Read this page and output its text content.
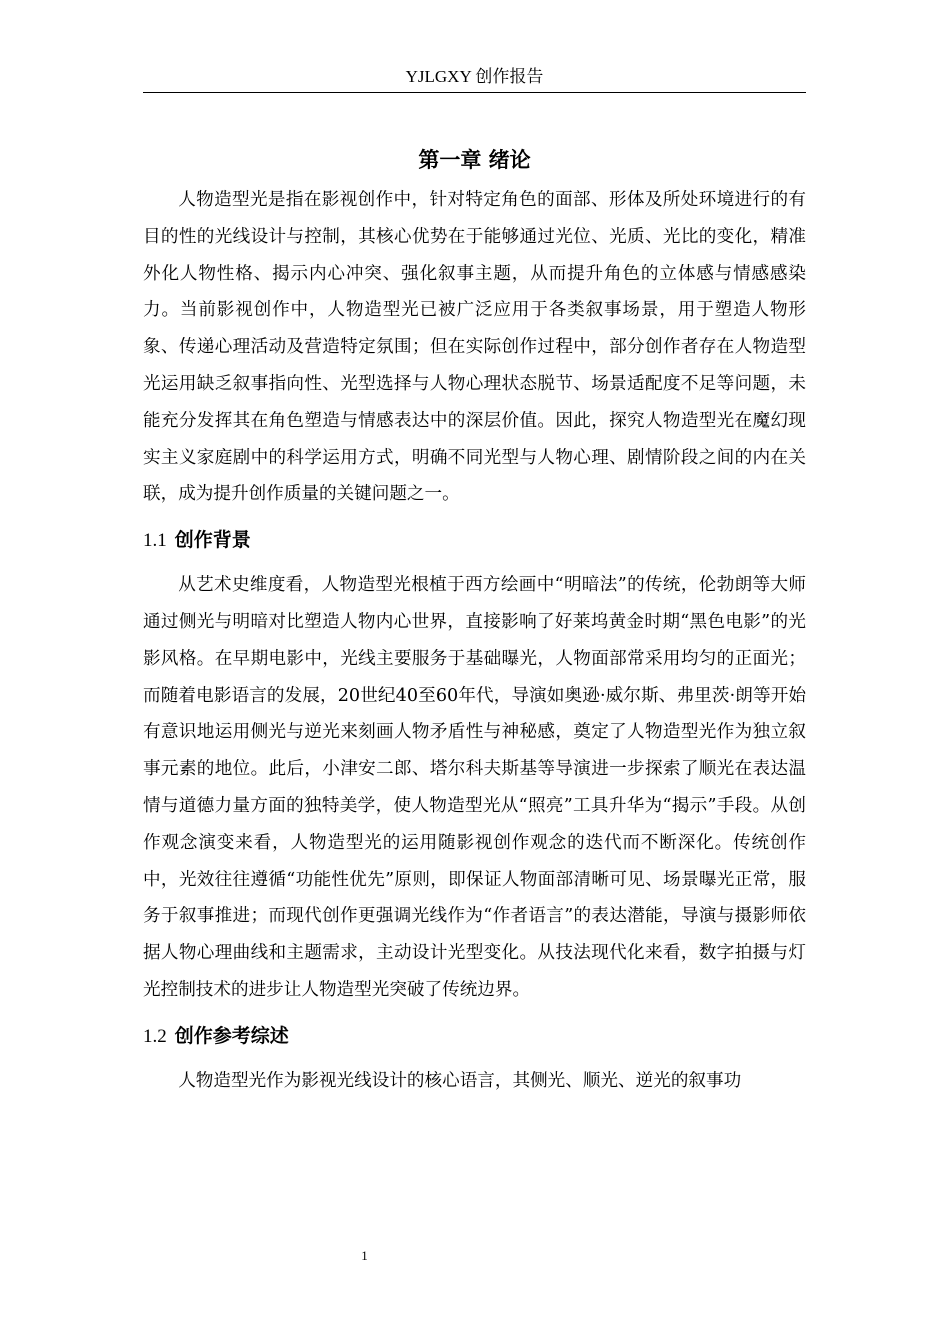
YJLGXY 创作报告
第一章 绪论

人物造型光是指在影视创作中，针对特定角色的面部、形体及所处环境进行的有目的性的光线设计与控制，其核心优势在于能够通过光位、光质、光比的变化，精准外化人物性格、揭示内心冲突、强化叙事主题，从而提升角色的立体感与情感感染力。当前影视创作中，人物造型光已被广泛应用于各类叙事场景，用于塑造人物形象、传递心理活动及营造特定氛围；但在实际创作过程中，部分创作者存在人物造型光运用缺乏叙事指向性、光型选择与人物心理状态脱节、场景适配度不足等问题，未能充分发挥其在角色塑造与情感表达中的深层价值。因此，探究人物造型光在魔幻现实主义家庭剧中的科学运用方式，明确不同光型与人物心理、剧情阶段之间的内在关联，成为提升创作质量的关键问题之一。

1.1 创作背景

从艺术史维度看，人物造型光根植于西方绘画中“明暗法”的传统，伦勃朗等大师通过侧光与明暗对比塑造人物内心世界，直接影响了好莱坞黄金时期“黑色电影”的光影风格。在早期电影中，光线主要服务于基础曝光，人物面部常采用均匀的正面光；而随着电影语言的发展，20世纪40至60年代，导演如奥逊·威尔斯、弗里茨·朗等开始有意识地运用侧光与逆光来刻画人物矛盾性与神秘感，奠定了人物造型光作为独立叙事元素的地位。此后，小津安二郎、塔尔科夫斯基等导演进一步探索了顺光在表达温情与道德力量方面的独特美学，使人物造型光从“照亮”工具升华为“揭示”手段。从创作观念演变来看，人物造型光的运用随影视创作观念的迭代而不断深化。传统创作中，光效往往遵循“功能性优先”原则，即保证人物面部清晰可见、场景曝光正常，服务于叙事推进；而现代创作更强调光线作为“作者语言”的表达潜能，导演与摄影师依据人物心理曲线和主题需求，主动设计光型变化。从技法现代化来看，数字拍摄与灯光控制技术的进步让人物造型光突破了传统边界。

1.2 创作参考综述

人物造型光作为影视光线设计的核心语言，其侧光、顺光、逆光的叙事功

1
